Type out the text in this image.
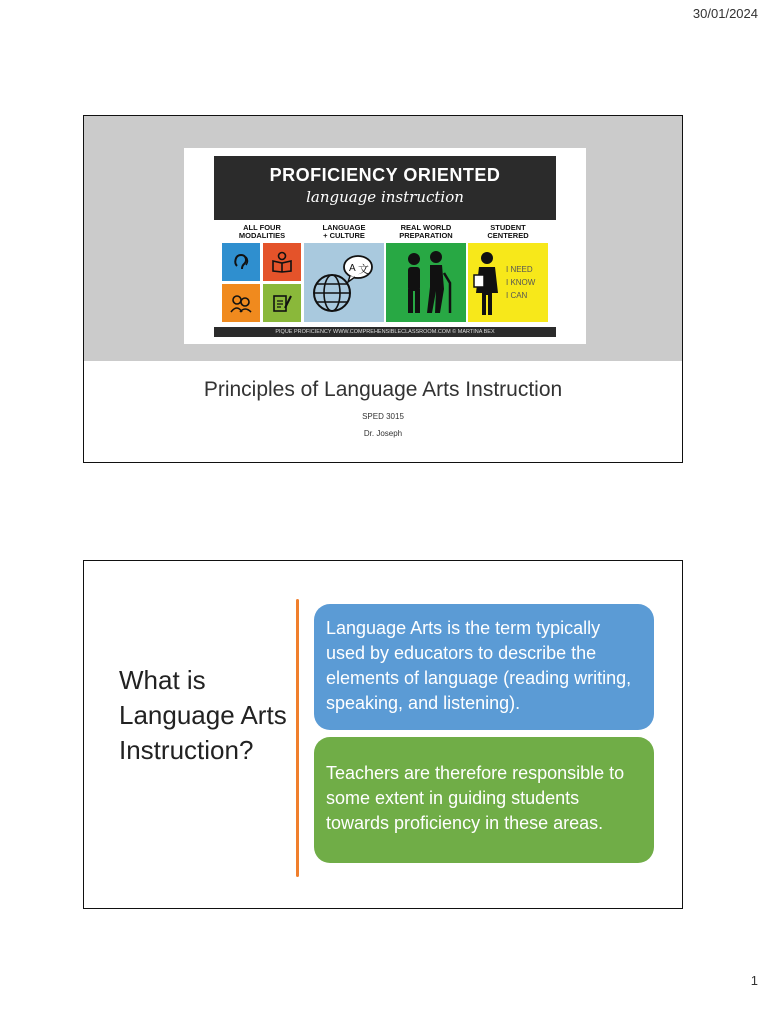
30/01/2024
PROFICIENCY ORIENTED
language instruction
ALL FOUR
MODALITIES
LANGUAGE
+ CULTURE
A 文
REAL WORLD
PREPARATION
STUDENT
CENTERED
I NEED
I KNOW
I CAN
PIQUE PROFICIENCY WWW.COMPREHENSIBLECLASSROOM.COM © MARTINA BEX
Principles of Language Arts Instruction
SPED 3015
Dr. Joseph
What is Language Arts Instruction?
Language Arts is the term typically used by educators to describe the elements of language (reading writing, speaking, and listening).
Teachers are therefore responsible to some extent in guiding students towards proficiency in these areas.
1
